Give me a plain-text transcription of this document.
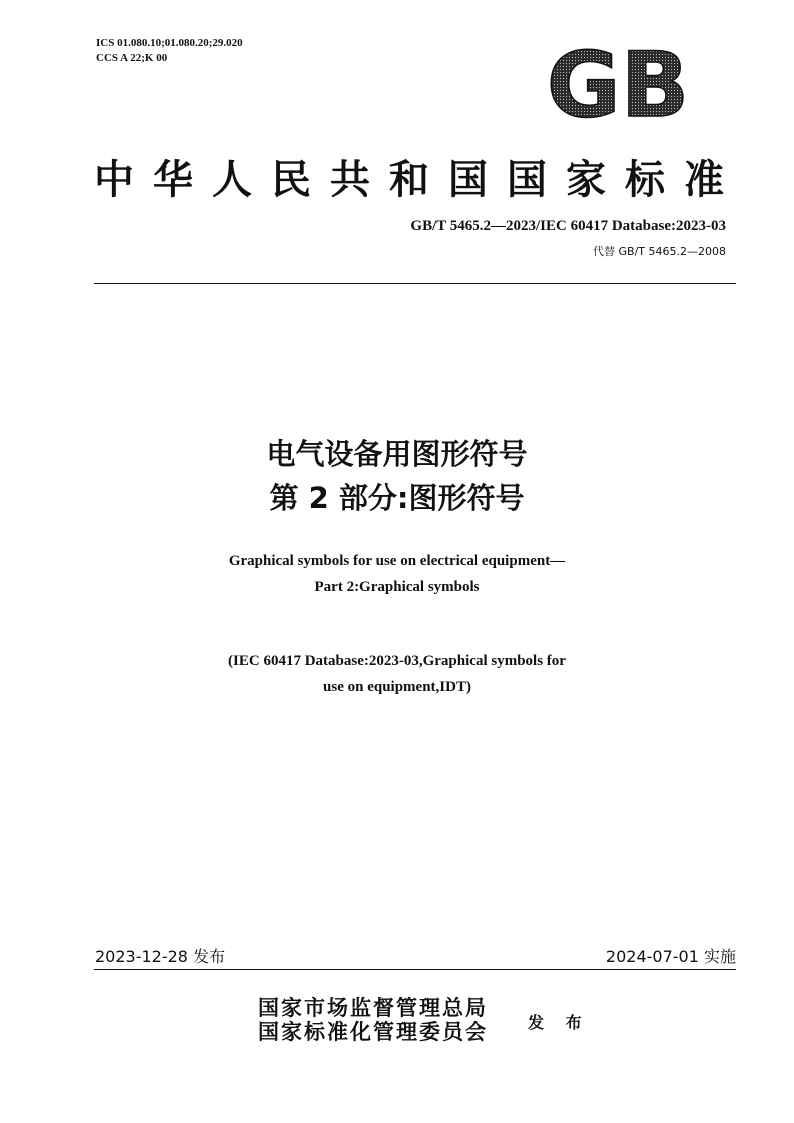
ICS 01.080.10;01.080.20;29.020
CCS A 22;K 00	GB
中华人民共和国国家标准
GB/T 5465.2—2023/IEC 60417 Database:2023-03
代替 GB/T 5465.2—2008
电气设备用图形符号
第 2 部分:图形符号
Graphical symbols for use on electrical equipment—
Part 2:Graphical symbols
(IEC 60417 Database:2023-03,Graphical symbols for
use on equipment,IDT)
2023-12-28 发布	2024-07-01 实施
国家市场监督管理总局
国家标准化管理委员会	发 布
